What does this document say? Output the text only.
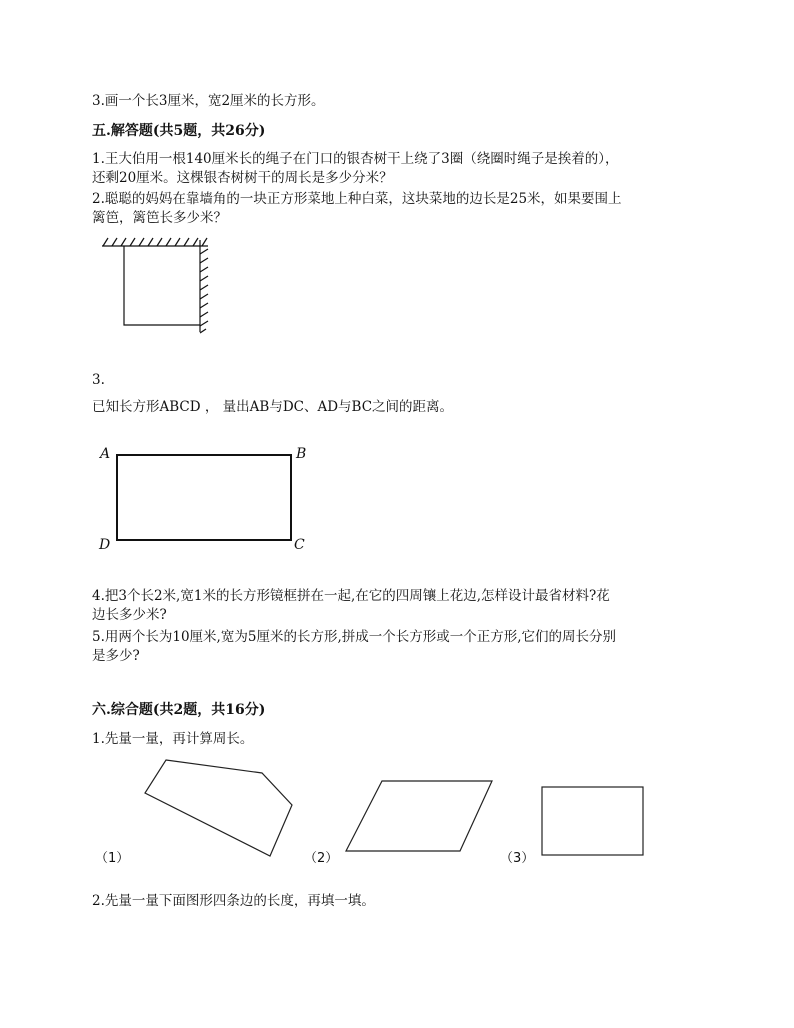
3.画一个长3厘米，宽2厘米的长方形。
五.解答题(共5题，共26分)
1.王大伯用一根140厘米长的绳子在门口的银杏树干上绕了3圈（绕圈时绳子是挨着的），
还剩20厘米。这棵银杏树树干的周长是多少分米？
2.聪聪的妈妈在靠墙角的一块正方形菜地上种白菜，这块菜地的边长是25米，如果要围上
篱笆，篱笆长多少米？
3.
已知长方形ABCD ， 量出AB与DC、AD与BC之间的距离。
A	B
C
D
4.把3个长2米,宽1米的长方形镜框拼在一起,在它的四周镶上花边,怎样设计最省材料?花
边长多少米?
5.用两个长为10厘米,宽为5厘米的长方形,拼成一个长方形或一个正方形,它们的周长分别
是多少?
六.综合题(共2题，共16分)
1.先量一量，再计算周长。
（1）	（2）	（3）
2.先量一量下面图形四条边的长度，再填一填。
